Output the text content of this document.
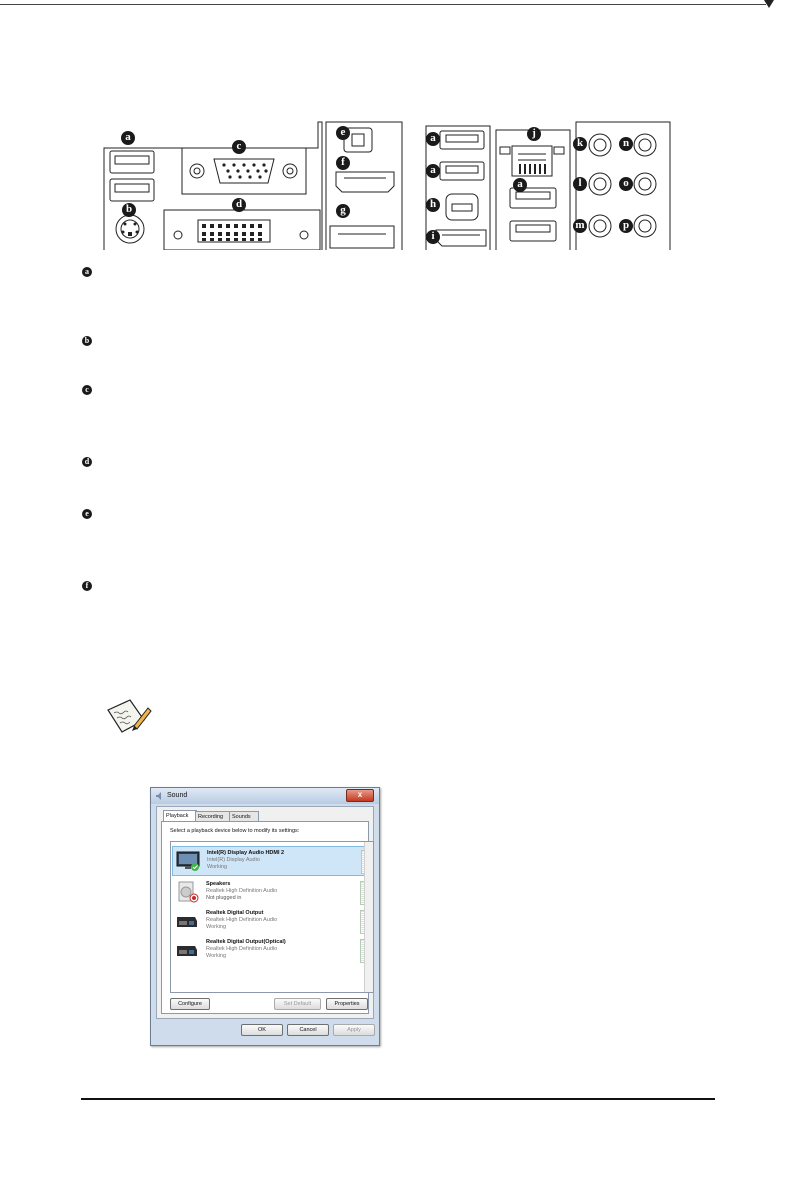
a
b
c
d
e
f
g
a
a
h
i
j
a
k	n
l	o
m	p
a
b
c
d
e
f
Sound	x
Playback	Recording	Sounds
Select a playback device below to modify its settings:
Intel(R) Display Audio HDMI 2
Intel(R) Display Audio
Working
Speakers
Realtek High Definition Audio
Not plugged in
Realtek Digital Output
Realtek High Definition Audio
Working
Realtek Digital Output(Optical)
Realtek High Definition Audio
Working
Configure	Set Default	Properties
OK	Cancel	Apply
